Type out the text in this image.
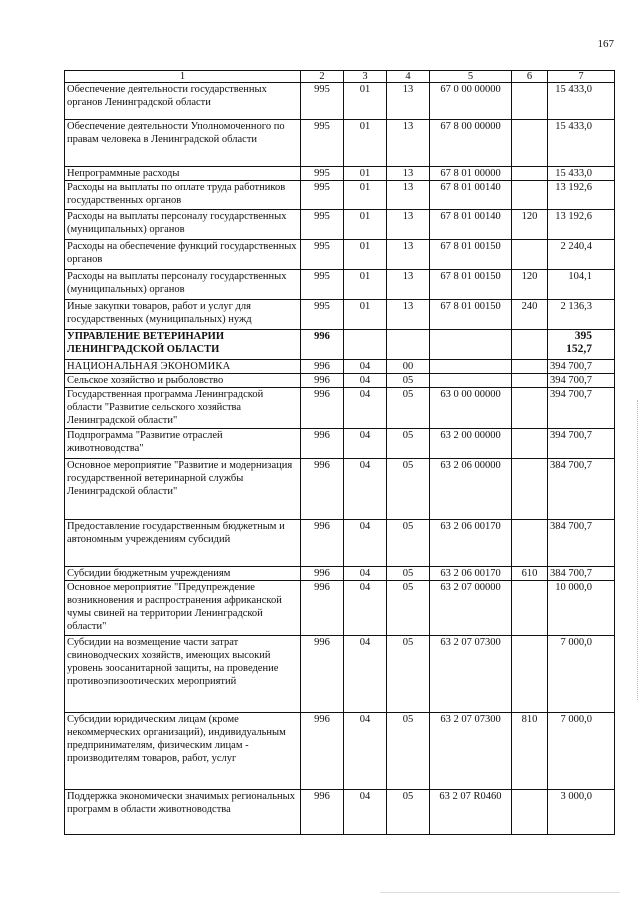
167
1	2	3	4	5	6	7
Обеспечение деятельности государственных органов Ленинградской области	995	01	13	67 0 00 00000		15 433,0
Обеспечение деятельности Уполномоченного по правам человека в Ленинградской области	995	01	13	67 8 00 00000		15 433,0
Непрограммные расходы	995	01	13	67 8 01 00000		15 433,0
Расходы на выплаты по оплате труда работников государственных органов	995	01	13	67 8 01 00140		13 192,6
Расходы на выплаты персоналу государственных (муниципальных) органов	995	01	13	67 8 01 00140	120	13 192,6
Расходы на обеспечение функций государственных органов	995	01	13	67 8 01 00150		2 240,4
Расходы на выплаты персоналу государственных (муниципальных) органов	995	01	13	67 8 01 00150	120	104,1
Иные закупки товаров, работ и услуг для государственных (муниципальных) нужд	995	01	13	67 8 01 00150	240	2 136,3
УПРАВЛЕНИЕ ВЕТЕРИНАРИИ ЛЕНИНГРАДСКОЙ ОБЛАСТИ	996					395 152,7
НАЦИОНАЛЬНАЯ ЭКОНОМИКА	996	04	00			394 700,7
Сельское хозяйство и рыболовство	996	04	05			394 700,7
Государственная программа Ленинградской области "Развитие сельского хозяйства Ленинградской области"	996	04	05	63 0 00 00000		394 700,7
Подпрограмма "Развитие отраслей животноводства"	996	04	05	63 2 00 00000		394 700,7
Основное мероприятие "Развитие и модернизация государственной ветеринарной службы Ленинградской области"	996	04	05	63 2 06 00000		384 700,7
Предоставление государственным бюджетным и автономным учреждениям субсидий	996	04	05	63 2 06 00170		384 700,7
Субсидии бюджетным учреждениям	996	04	05	63 2 06 00170	610	384 700,7
Основное мероприятие "Предупреждение возникновения и распространения африканской чумы свиней на территории Ленинградской области"	996	04	05	63 2 07 00000		10 000,0
Субсидии на возмещение части затрат свиноводческих хозяйств, имеющих высокий уровень зоосанитарной защиты, на проведение противоэпизоотических мероприятий	996	04	05	63 2 07 07300		7 000,0
Субсидии юридическим лицам (кроме некоммерческих организаций), индивидуальным предпринимателям, физическим лицам - производителям товаров, работ, услуг	996	04	05	63 2 07 07300	810	7 000,0
Поддержка экономически значимых региональных программ в области животноводства	996	04	05	63 2 07 R0460		3 000,0
